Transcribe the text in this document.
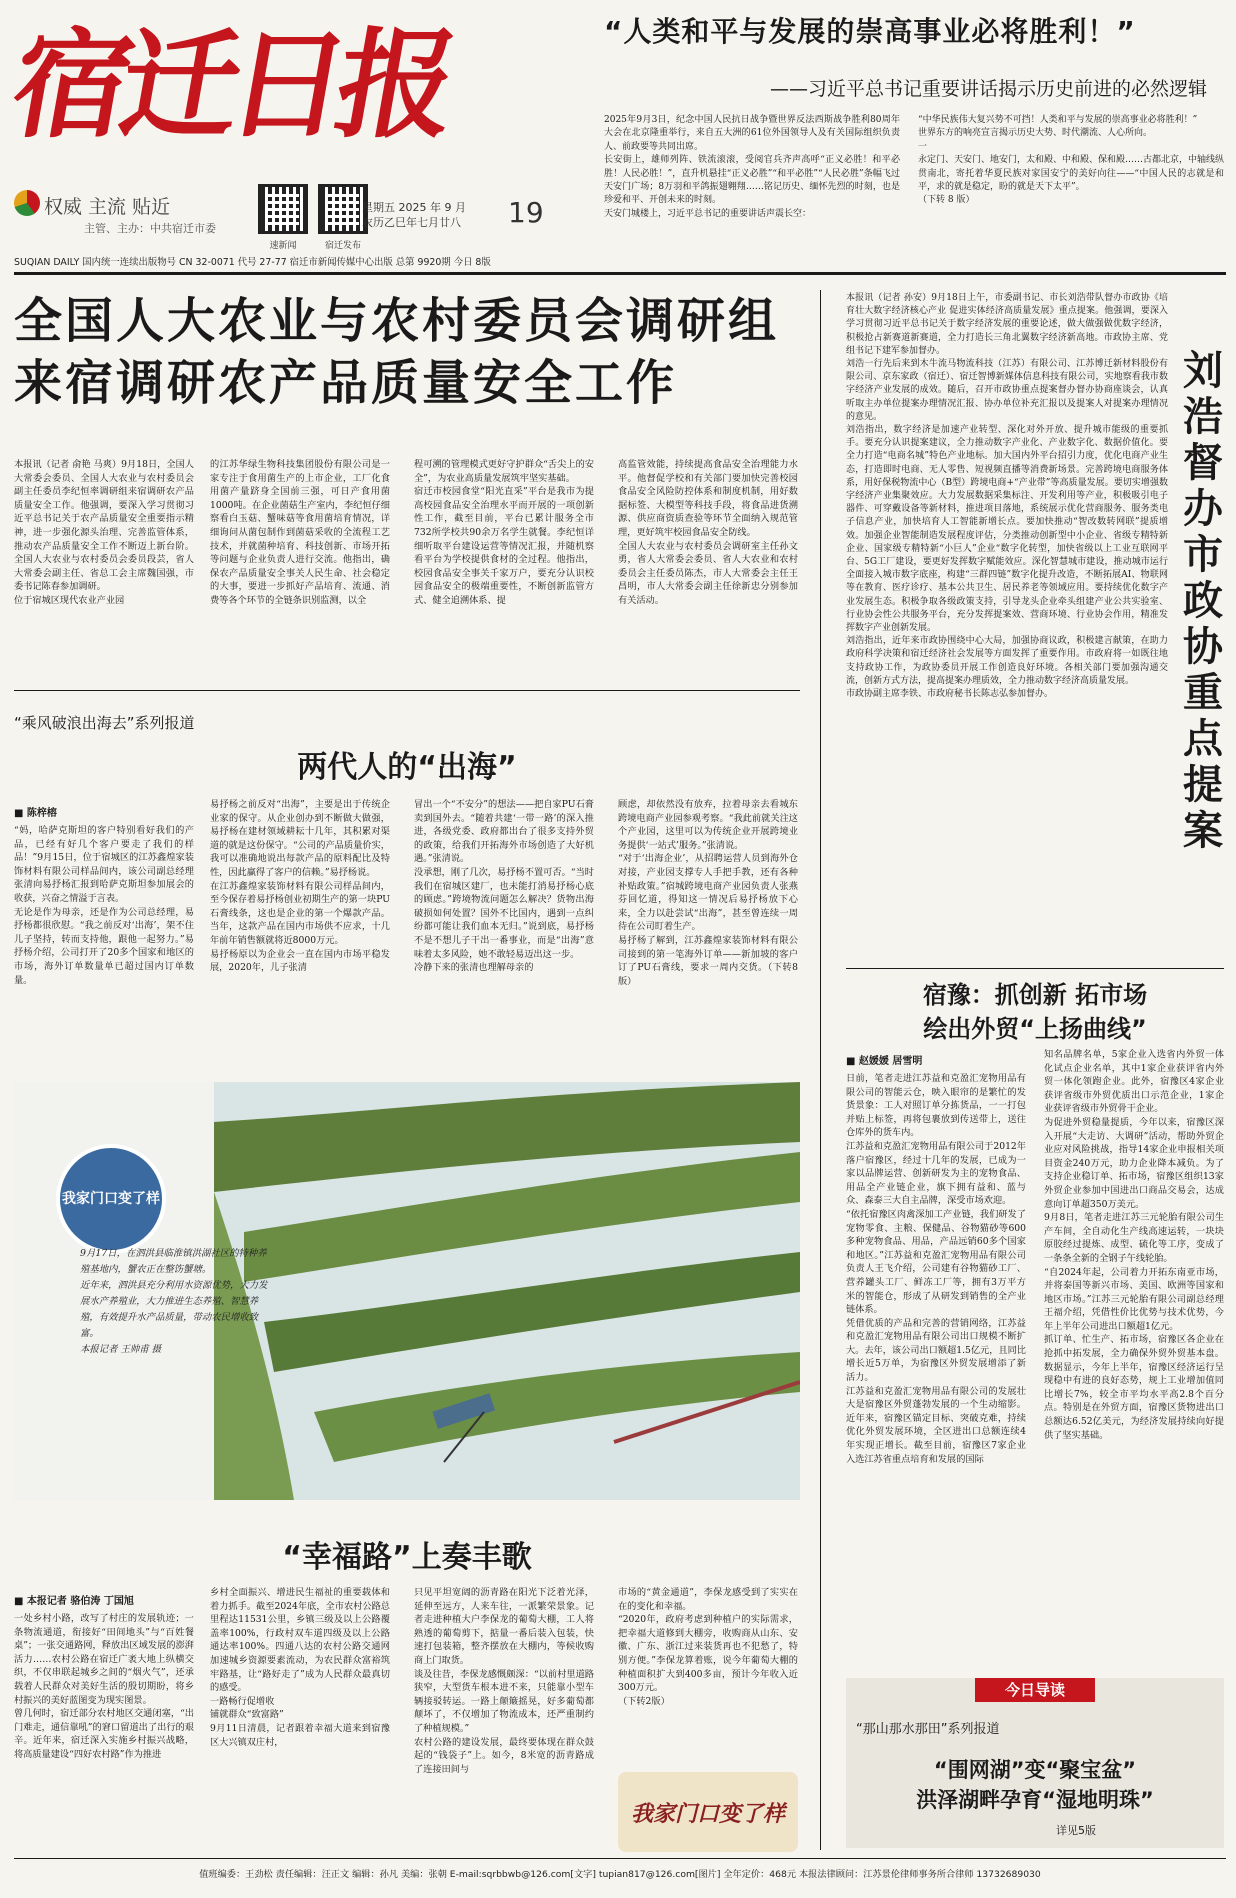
宿迁日报
权威 主流 贴近
主管、主办：中共宿迁市委
速新闻	宿迁发布
星期五 2025 年 9 月
农历乙巳年七月廿八 19
SUQIAN DAILY 国内统一连续出版物号 CN 32-0071 代号 27-77 宿迁市新闻传媒中心出版 总第 9920期 今日 8版
“人类和平与发展的崇高事业必将胜利！”
——习近平总书记重要讲话揭示历史前进的必然逻辑
2025年9月3日，纪念中国人民抗日战争暨世界反法西斯战争胜利80周年大会在北京隆重举行，来自五大洲的61位外国领导人及有关国际组织负责人、前政要等共同出席。
长安街上，雄师列阵、铁流滚滚，受阅官兵齐声高呼“正义必胜！和平必胜！人民必胜！”，直升机悬挂“正义必胜”“和平必胜”“人民必胜”条幅飞过天安门广场；8万羽和平鸽振翅翱翔……铭记历史、缅怀先烈的时刻，也是珍爱和平、开创未来的时刻。
天安门城楼上，习近平总书记的重要讲话声震长空：
“中华民族伟大复兴势不可挡！人类和平与发展的崇高事业必将胜利！”
世界东方的响亮宣言揭示历史大势、时代潮流、人心所向。
一
永定门、天安门、地安门，太和殿、中和殿、保和殿……古都北京，中轴线纵贯南北，寄托着华夏民族对家国安宁的美好向往——“中国人民的志就是和平，求的就是稳定，盼的就是天下太平”。
（下转 8 版）
全国人大农业与农村委员会调研组
来宿调研农产品质量安全工作
本报讯（记者 俞艳 马爽）9月18日，全国人大常委会委员、全国人大农业与农村委员会副主任委员李纪恒率调研组来宿调研农产品质量安全工作。他强调，要深入学习贯彻习近平总书记关于农产品质量安全重要指示精神，进一步强化源头治理、完善监管体系，推动农产品质量安全工作不断迈上新台阶。全国人大农业与农村委员会委员段芸，省人大常委会副主任、省总工会主席魏国强，市委书记陈春参加调研。
位于宿城区现代农业产业园
的江苏华绿生物科技集团股份有限公司是一家专注于食用菌生产的上市企业，工厂化食用菌产量跻身全国前三强，可日产食用菌1000吨。在企业菌菇生产室内，李纪恒仔细察看白玉菇、蟹味菇等食用菌培育情况，详细询问从菌包制作到菌菇采收的全流程工艺技术，并就菌种培育、科技创新、市场开拓等问题与企业负责人进行交流。他指出，确保农产品质量安全事关人民生命、社会稳定的大事，要进一步抓好产品培育、流通、消费等各个环节的全链条识别监测，以全
程可溯的管理模式更好守护群众“舌尖上的安全”，为农业高质量发展筑牢坚实基础。
宿迁市校园食堂“阳光直采”平台是我市为提高校园食品安全治理水平而开展的一项创新性工作，截至目前，平台已累计服务全市732所学校共90余万名学生就餐。李纪恒详细听取平台建设运营等情况汇报，并随机察看平台为学校提供食材的全过程。他指出，校园食品安全事关千家万户，要充分认识校园食品安全的极端重要性，不断创新监管方式、健全追溯体系、提
高监管效能，持续提高食品安全治理能力水平。他督促学校和有关部门要加快完善校园食品安全风险防控体系和制度机制，用好数据标签、大模型等科技手段，将食品进货溯源、供应商资质查验等环节全面纳入规范管理，更好筑牢校园食品安全防线。
全国人大农业与农村委员会调研室主任孙文勇，省人大常委会委员、省人大农业和农村委员会主任委员陈杰，市人大常委会主任王昌明，市人大常委会副主任徐新忠分别参加有关活动。
“乘风破浪出海去”系列报道
两代人的“出海”
■ 陈梓榕
“妈，哈萨克斯坦的客户特别看好我们的产品，已经有好几个客户要走了我们的样品！”9月15日，位于宿城区的江苏鑫煌家装饰材料有限公司样品间内，该公司副总经理张清向易抒杨汇报到哈萨克斯坦参加展会的收获，兴奋之情溢于言表。
无论是作为母亲，还是作为公司总经理，易抒杨都很欣慰。“我之前反对‘出海’，架不住儿子坚持，转而支持他，跟他一起努力。”易抒杨介绍，公司打开了20多个国家和地区的市场，海外订单数量单已超过国内订单数量。
易抒杨之前反对“出海”，主要是出于传统企业家的保守。从企业创办到不断做大做强，易抒杨在建材领域耕耘十几年，其积累对渠道的就是这份保守。“公司的产品质量价实，我可以准确地说出每款产品的原料配比及特性，因此赢得了客户的信赖。”易抒杨说。
在江苏鑫煌家装饰材料有限公司样品间内，至今保存着易抒杨创业初期生产的第一块PU石膏线条，这也是企业的第一个爆款产品。当年，这款产品在国内市场供不应求，十几年前年销售额就将近8000万元。
易抒杨原以为企业会一直在国内市场平稳发展，2020年，儿子张清
冒出一个“不安分”的想法——把自家PU石膏卖到国外去。“随着共建‘一带一路’的深入推进，各级党委、政府都出台了很多支持外贸的政策，给我们开拓海外市场创造了大好机遇。”张清说。
没承想，刚了几次，易抒杨不置可否。“当时我们在宿城区建厂，也未能打消易抒杨心底的顾虑。”跨境物流问题怎么解决？货物出海破损如何处置？国外不比国内，遇到一点纠纷都可能让我们血本无归。”说到底，易抒杨不是不想儿子干出一番事业，而是“出海”意味着太多风险，她不敢轻易迈出这一步。
冷静下来的张清也理解母亲的
顾虑，却依然没有放弃，拉着母亲去看城东跨境电商产业园参观考察。“我此前就关注这个产业园，这里可以为传统企业开展跨境业务提供‘一站式’服务。”张清说。
“对于‘出海企业’，从招聘运营人员到海外仓对接，产业园支撑专人手把手教，还有各种补贴政策。”宿城跨境电商产业园负责人张燕芬回忆道，得知这一情况后易抒杨放下心来，全力以赴尝试“出海”，甚至曾连续一周待在公司盯着生产。
易抒杨了解到，江苏鑫煌家装饰材料有限公司接到的第一笔海外订单——新加坡的客户订了PU石膏线，要求一周内交货。（下转8版）
我家门口变了样
9月17日，在泗洪县临淮镇洪湖社区的特种养殖基地内，蟹农正在整饬蟹塘。
近年来，泗洪县充分利用水资源优势，大力发展水产养殖业，大力推进生态养殖、智慧养殖，有效提升水产品质量，带动农民增收致富。
本报记者 王帅甫 摄
“幸福路”上奏丰歌
■ 本报记者 骆伯涛 丁国旭
一处乡村小路，改写了村庄的发展轨迹；一条物流通道，衔接好“田间地头”与“百姓餐桌”；一张交通路网，释放出区域发展的澎湃活力……农村公路在宿迁广袤大地上纵横交织，不仅串联起城乡之间的“烟火气”，还承载着人民群众对美好生活的殷切期盼，将乡村振兴的美好蓝图变为现实图景。
曾几何时，宿迁部分农村地区交通闭塞，“出门难走，通信靠吼”的窘口留道出了出行的艰辛。近年来，宿迁深入实施乡村振兴战略，将高质量建设“四好农村路”作为推进
乡村全面振兴、增进民生福祉的重要载体和着力抓手。截至2024年底，全市农村公路总里程达11531公里，乡镇三级及以上公路覆盖率100%，行政村双车道四级及以上公路通达率100%。四通八达的农村公路交通网加速城乡资源要素流动，为农民群众富裕筑牢路基，让“路好走了”成为人民群众最真切的感受。
一路畅行促增收
铺就群众“致富路”
9月11日清晨，记者跟着幸福大道来到宿豫区大兴镇双庄村，
只见平坦宽阔的沥青路在阳光下泛着光泽，延伸至远方，人来车往，一派繁荣景象。记者走进种植大户李保龙的葡萄大棚，工人将熟透的葡萄剪下，掂量一番后装入包装，快速打包装箱，整齐摆放在大棚内，等候收购商上门取货。
谈及往昔，李保龙感慨颇深：“以前村里道路狭窄，大型货车根本进不来，只能靠小型车辆接驳转运。一路上颠簸摇晃，好多葡萄都颠坏了，不仅增加了物流成本，还严重制约了种植规模。”
农村公路的建设发展，最终要体现在群众鼓起的“钱袋子”上。如今，8米宽的沥青路成了连接田间与
市场的“黄金通道”，李保龙感受到了实实在在的变化和幸福。
“2020年，政府考虑到种植户的实际需求，把幸福大道修到大棚旁，收购商从山东、安徽、广东、浙江过来装货再也不犯愁了，特别方便。”李保龙算着账，说今年葡萄大棚的种植面积扩大到400多亩，预计今年收入近300万元。
（下转2版）
我家门口变了样
刘浩督办市政协重点提案
本报讯（记者 孙安）9月18日上午，市委副书记、市长刘浩带队督办市政协《培育壮大数字经济核心产业 促进实体经济高质量发展》重点提案。他强调，要深入学习贯彻习近平总书记关于数字经济发展的重要论述，做大做强做优数字经济，积极抢占新赛道新赛道，全力打造长三角北翼数字经济新高地。市政协主席、党组书记下建军参加督办。
刘浩一行先后来到木牛流马物流科技（江苏）有限公司、江苏博迁新材料股份有限公司、京东家政（宿迁）、宿迁智博新媒体信息科技有限公司，实地察看我市数字经济产业发展的成效。随后，召开市政协重点提案督办督办协商座谈会，认真听取主办单位提案办理情况汇报、协办单位补充汇报以及提案人对提案办理情况的意见。
刘浩指出，数字经济是加速产业转型、深化对外开放、提升城市能级的重要抓手。要充分认识提案建议，全力推动数字产业化、产业数字化、数据价值化。要全力打造“电商名城”特色产业地标。加大国内外平台招引力度，优化电商产业生态，打造即时电商、无人零售、短视频直播等消费新场景。完善跨境电商服务体系，用好保税物流中心（B型）跨境电商+“产业带”等高质量发展。要切实增强数字经济产业集聚效应。大力发展数据采集标注、开发利用等产业，积极吸引电子器件、可穿戴设备等新材料，推进项目落地，系统展示优化营商服务、服务类电子信息产业，加快培育人工智能新增长点。要加快推动“智改数转网联”提质增效。加强企业智能制造发展程度评估，分类推动创新型中小企业、省级专精特新企业、国家级专精特新“小巨人”企业“数字化转型，加快省级以上工业互联网平台、5G工厂建设，要更好发挥数字赋能效应。深化智慧城市建设，推动城市运行全面接入城市数字底座，构建“三群四链”数字化提升改造，不断拓展AI、物联网等在教育、医疗诊疗、基本公共卫生、居民养老等领域应用。要持续优化数字产业发展生态。积极争取各级政策支持，引导龙头企业牵头组建产业公共实验室、行业协会性公共服务平台，充分发挥提案效、营商环境、行业协会作用，精准发挥数字产业创新发展。
刘浩指出，近年来市政协围绕中心大局，加强协商议政，积极建言献策，在助力政府科学决策和宿迁经济社会发展等方面发挥了重要作用。市政府将一如既往地支持政协工作，为政协委员开展工作创造良好环境。各相关部门要加强沟通交流，创新方式方法，提高提案办理质效，全力推动数字经济高质量发展。
市政协副主席李铁、市政府秘书长陈志弘参加督办。
宿豫：抓创新 拓市场
绘出外贸“上扬曲线”
■ 赵媛媛 居雪明
日前，笔者走进江苏益和克盈汇宠物用品有限公司的智能云仓，映入眼帘的是繁忙的发货景象：工人对照订单分拣货品，一一打包并贴上标签，再将包裹放到传送带上，送往仓库外的货车内。
江苏益和克盈汇宠物用品有限公司于2012年落户宿豫区，经过十几年的发展，已成为一家以品牌运营、创新研发为主的宠物食品、用品全产业链企业，旗下拥有益和、蓝与众、森泰三大自主品牌，深受市场欢迎。
“依托宿豫区肉禽深加工产业链，我们研发了宠物零食、主粮、保健品、谷物猫砂等600多种宠物食品、用品，产品远销60多个国家和地区。”江苏益和克盈汇宠物用品有限公司负责人王飞介绍，公司建有谷物猫砂工厂、营养罐头工厂、鲜冻工厂等，拥有3万平方米的智能仓，形成了从研发到销售的全产业链体系。
凭借优质的产品和完善的营销网络，江苏益和克盈汇宠物用品有限公司出口规模不断扩大。去年，该公司出口额超1.5亿元，且同比增长近5万单，为宿豫区外贸发展增添了新活力。
江苏益和克盈汇宠物用品有限公司的发展壮大是宿豫区外贸蓬勃发展的一个生动缩影。近年来，宿豫区锚定目标、突破克难，持续优化外贸发展环境，全区进出口总额连续4年实现正增长。截至目前，宿豫区7家企业入选江苏省重点培育和发展的国际
知名品牌名单，5家企业入选省内外贸一体化试点企业名单，其中1家企业获评省内外贸一体化领跑企业。此外，宿豫区4家企业获评省级市外贸优质出口示范企业，1家企业获评省级市外贸骨干企业。
为促进外贸稳量提质，今年以来，宿豫区深入开展“大走访、大调研”活动，帮助外贸企业应对风险挑战，指导14家企业申报相关项目资金240万元，助力企业降本减负。为了支持企业稳订单、拓市场，宿豫区组织13家外贸企业参加中国进出口商品交易会，达成意向订单超350万美元。
9月8日，笔者走进江苏三元轮胎有限公司生产车间，全自动化生产线高速运转，一块块原胶经过提炼、成型、硫化等工序，变成了一条条全新的全钢子午线轮胎。
“自2024年起，公司着力开拓东南亚市场，并将泰国等新兴市场、美国、欧洲等国家和地区市场。”江苏三元轮胎有限公司副总经理王福介绍，凭借性价比优势与技术优势，今年上半年公司进出口额超1亿元。
抓订单、忙生产、拓市场，宿豫区各企业在抢抓中拓发展，全力确保外贸外贸基本盘。数据显示，今年上半年，宿豫区经济运行呈现稳中有进的良好态势，规上工业增加值同比增长7%，较全市平均水平高2.8个百分点。特别是在外贸方面，宿豫区货物进出口总额达6.52亿美元，为经济发展持续向好提供了坚实基础。
今日导读
“那山那水那田”系列报道
“围网湖”变“聚宝盆”
洪泽湖畔孕育“湿地明珠”
详见5版
值班编委：王劲松 责任编辑：汪正文 编辑：孙凡 美编：张朝 E-mail:sqrbbwb@126.com[文字] tupian817@126.com[图片] 全年定价：468元 本报法律顾问：江苏景伦律师事务所合律师 13732689030
